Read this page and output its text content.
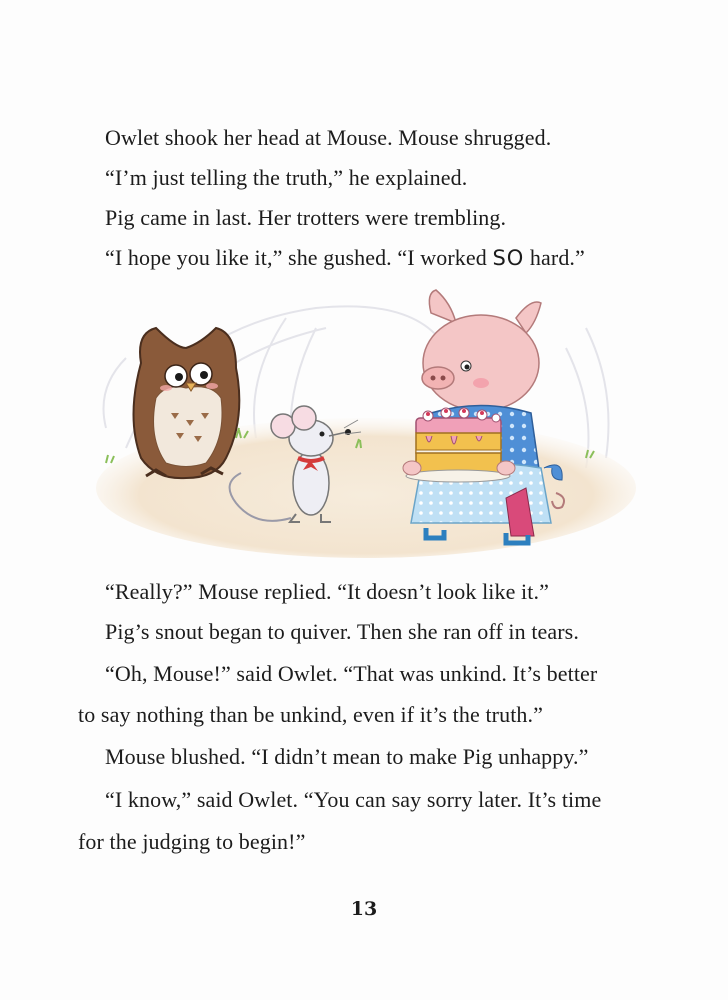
Owlet shook her head at Mouse. Mouse shrugged.
“I’m just telling the truth,” he explained.
Pig came in last. Her trotters were trembling.
“I hope you like it,” she gushed. “I worked SO hard.”
“Really?” Mouse replied. “It doesn’t look like it.”
Pig’s snout began to quiver. Then she ran off in tears.
“Oh, Mouse!” said Owlet. “That was unkind. It’s better
to say nothing than be unkind, even if it’s the truth.”
Mouse blushed. “I didn’t mean to make Pig unhappy.”
“I know,” said Owlet. “You can say sorry later. It’s time
for the judging to begin!”
13
